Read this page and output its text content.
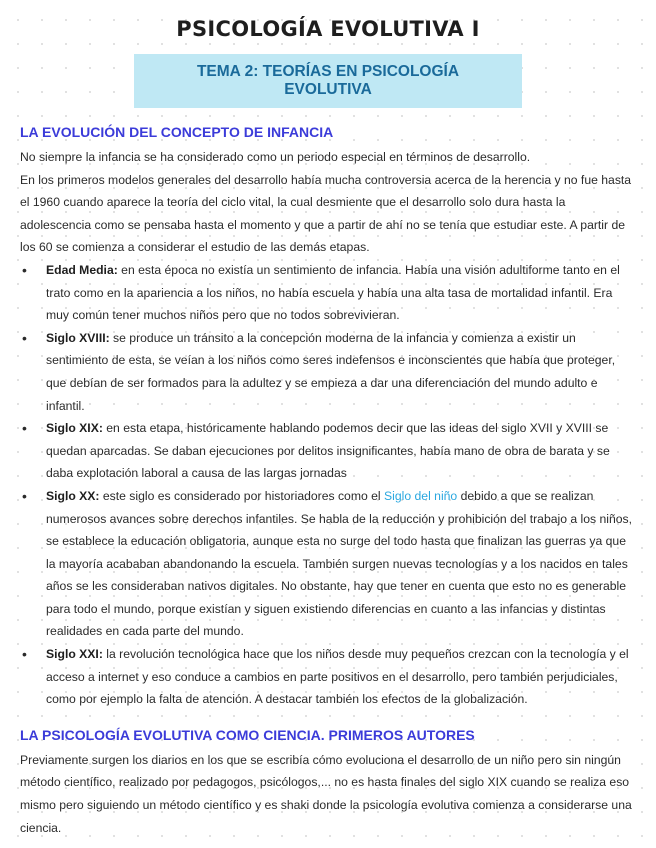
PSICOLOGÍA EVOLUTIVA I
TEMA 2: TEORÍAS EN PSICOLOGÍA EVOLUTIVA
LA EVOLUCIÓN DEL CONCEPTO DE INFANCIA

No siempre la infancia se ha considerado como un periodo especial en términos de desarrollo.

En los primeros modelos generales del desarrollo había mucha controversia acerca de la herencia y no fue hasta el 1960 cuando aparece la teoría del ciclo vital, la cual desmiente que el desarrollo solo dura hasta la adolescencia como se pensaba hasta el momento y que a partir de ahí no se tenía que estudiar este. A partir de los 60 se comienza a considerar el estudio de las demás etapas.

• Edad Media: en esta época no existía un sentimiento de infancia. Había una visión adultiforme tanto en el trato como en la apariencia a los niños, no había escuela y había una alta tasa de mortalidad infantil. Era muy común tener muchos niños pero que no todos sobrevivieran.
• Siglo XVIII: se produce un tránsito a la concepción moderna de la infancia y comienza a existir un sentimiento de esta, se veían a los niños como seres indefensos e inconscientes que había que proteger, que debían de ser formados para la adultez y se empieza a dar una diferenciación del mundo adulto e infantil.
• Siglo XIX: en esta etapa, históricamente hablando podemos decir que las ideas del siglo XVII y XVIII se quedan aparcadas. Se daban ejecuciones por delitos insignificantes, había mano de obra de barata y se daba explotación laboral a causa de las largas jornadas
• Siglo XX: este siglo es considerado por historiadores como el Siglo del niño debido a que se realizan numerosos avances sobre derechos infantiles. Se habla de la reducción y prohibición del trabajo a los niños, se establece la educación obligatoria, aunque esta no surge del todo hasta que finalizan las guerras ya que la mayoría acababan abandonando la escuela. También surgen nuevas tecnologías y a los nacidos en tales años se les consideraban nativos digitales. No obstante, hay que tener en cuenta que esto no es generable para todo el mundo, porque existían y siguen existiendo diferencias en cuanto a las infancias y distintas realidades en cada parte del mundo.
• Siglo XXI: la revolución tecnológica hace que los niños desde muy pequeños crezcan con la tecnología y el acceso a internet y eso conduce a cambios en parte positivos en el desarrollo, pero también perjudiciales, como por ejemplo la falta de atención. A destacar también los efectos de la globalización.
LA PSICOLOGÍA EVOLUTIVA COMO CIENCIA. PRIMEROS AUTORES

Previamente surgen los diarios en los que se escribía cómo evoluciona el desarrollo de un niño pero sin ningún método científico, realizado por pedagogos, psicólogos,... no es hasta finales del siglo XIX cuando se realiza eso mismo pero siguiendo un método científico y es shaki donde la psicología evolutiva comienza a considerarse una ciencia.
